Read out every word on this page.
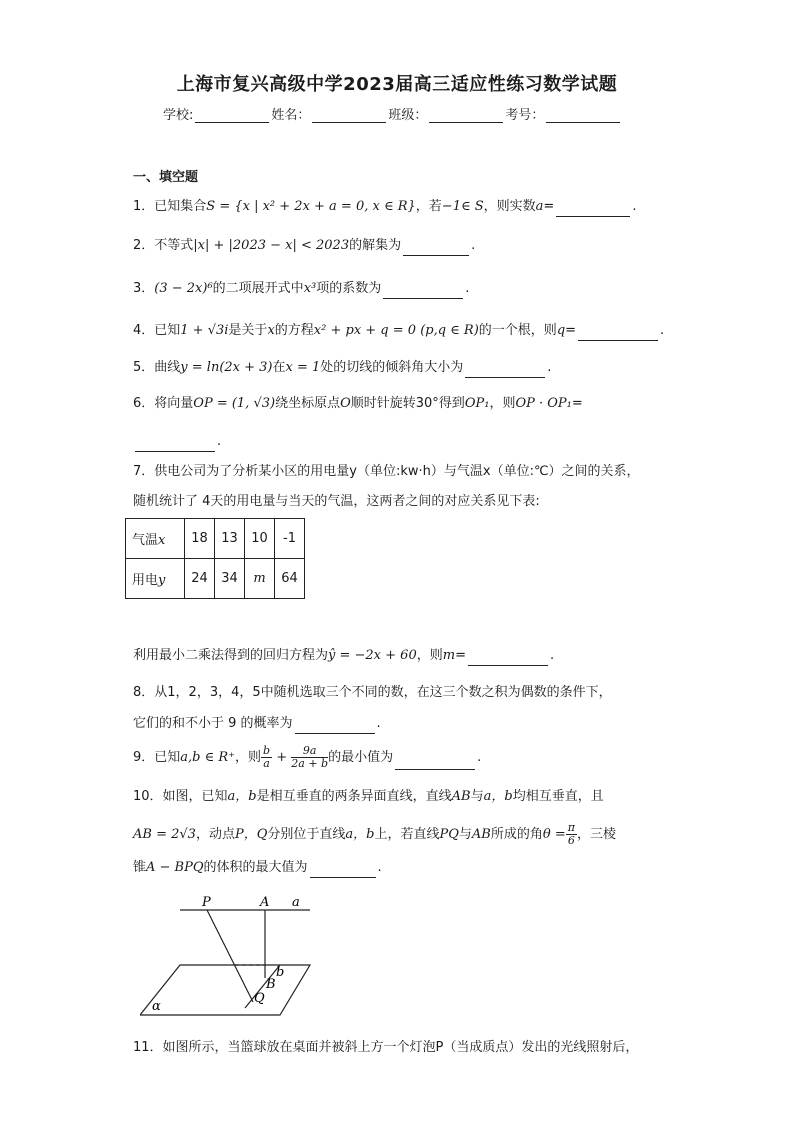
上海市复兴高级中学2023届高三适应性练习数学试题
学校:	姓名：	班级：	考号：
一、填空题
1．已知集合S = {x | x² + 2x + a = 0, x ∈ R}，若−1∈ S，则实数a=	.
2．不等式|x| + |2023 − x| < 2023的解集为	.
3．(3 − 2x)⁶的二项展开式中x³项的系数为	.
4．已知1 + √3i是关于x的方程x² + px + q = 0 (p,q ∈ R)的一个根，则q=	.
5．曲线y = ln(2x + 3)在x = 1处的切线的倾斜角大小为	.
6．将向量OP = (1, √3)绕坐标原点O顺时针旋转30°得到OP₁，则OP · OP₁=
.
7．供电公司为了分析某小区的用电量y（单位:kw·h）与气温x（单位:℃）之间的关系，
随机统计了 4天的用电量与当天的气温，这两者之间的对应关系见下表:
气温x	18	13	10	-1
用电y	24	34	m	64
利用最小二乘法得到的回归方程为ŷ = −2x + 60，则m=	.
8．从1，2，3，4，5中随机选取三个不同的数，在这三个数之积为偶数的条件下，
它们的和不小于 9 的概率为	.
9．已知a,b ∈ R⁺，则 $\frac{b}{a} + \frac{9a}{2a + b}$ 的最小值为	.
10．如图，已知a，b是相互垂直的两条异面直线，直线AB与a，b均相互垂直，且
AB = 2√3，动点P，Q分别位于直线a，b上，若直线PQ与AB所成的角$\theta = \frac{\pi}{6}$ ，三棱
锥A − BPQ的体积的最大值为	.
P	A a
b
B
Q
α
11．如图所示，当篮球放在桌面并被斜上方一个灯泡P（当成质点）发出的光线照射后，
